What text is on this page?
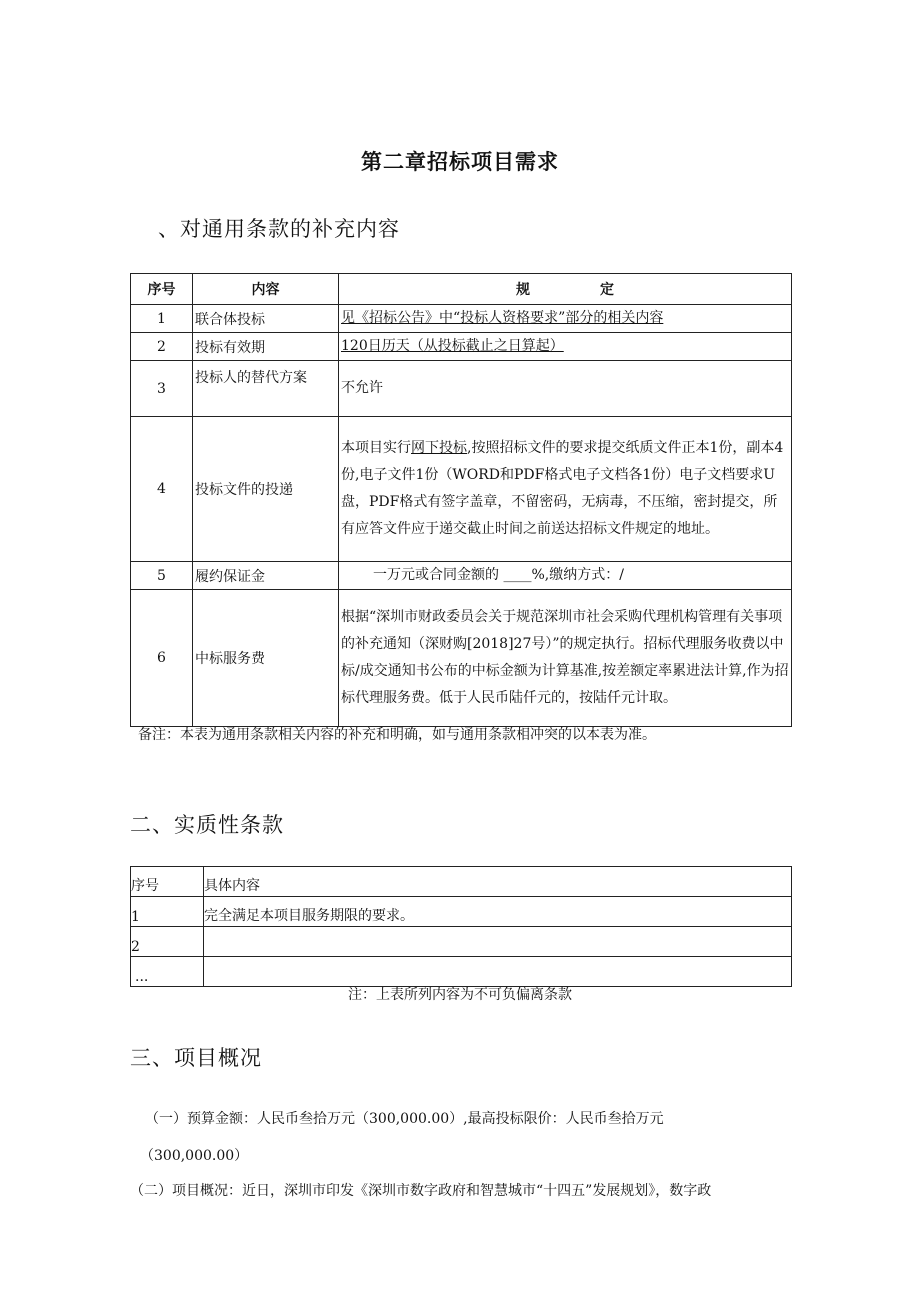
第二章招标项目需求
、对通用条款的补充内容
序号	内容	规　　　　　定
1	联合体投标	见《招标公告》中“投标人资格要求”部分的相关内容
2	投标有效期	120日历天（从投标截止之日算起）
3	投标人的替代方案	不允许
4	投标文件的投递	本项目实行网下投标,按照招标文件的要求提交纸质文件正本1份，副本4份,电子文件1份（WORD和PDF格式电子文档各1份）电子文档要求U盘，PDF格式有签字盖章，不留密码，无病毒，不压缩，密封提交，所有应答文件应于递交截止时间之前送达招标文件规定的地址。
5	履约保证金	一万元或合同金额的 ____%,缴纳方式：/
6	中标服务费	根据“深圳市财政委员会关于规范深圳市社会采购代理机构管理有关事项的补充通知（深财购[2018]27号）”的规定执行。招标代理服务收费以中标/成交通知书公布的中标金额为计算基准,按差额定率累进法计算,作为招标代理服务费。低于人民币陆仟元的，按陆仟元计取。
备注：本表为通用条款相关内容的补充和明确，如与通用条款相冲突的以本表为准。
二、实质性条款
序号	具体内容
1	完全满足本项目服务期限的要求。
2	
...	
注：上表所列内容为不可负偏离条款
三、项目概况
（一）预算金额：人民币叁拾万元（300,000.00）,最高投标限价：人民币叁拾万元
（300,000.00）
（二）项目概况：近日，深圳市印发《深圳市数字政府和智慧城市“十四五”发展规划》，数字政
